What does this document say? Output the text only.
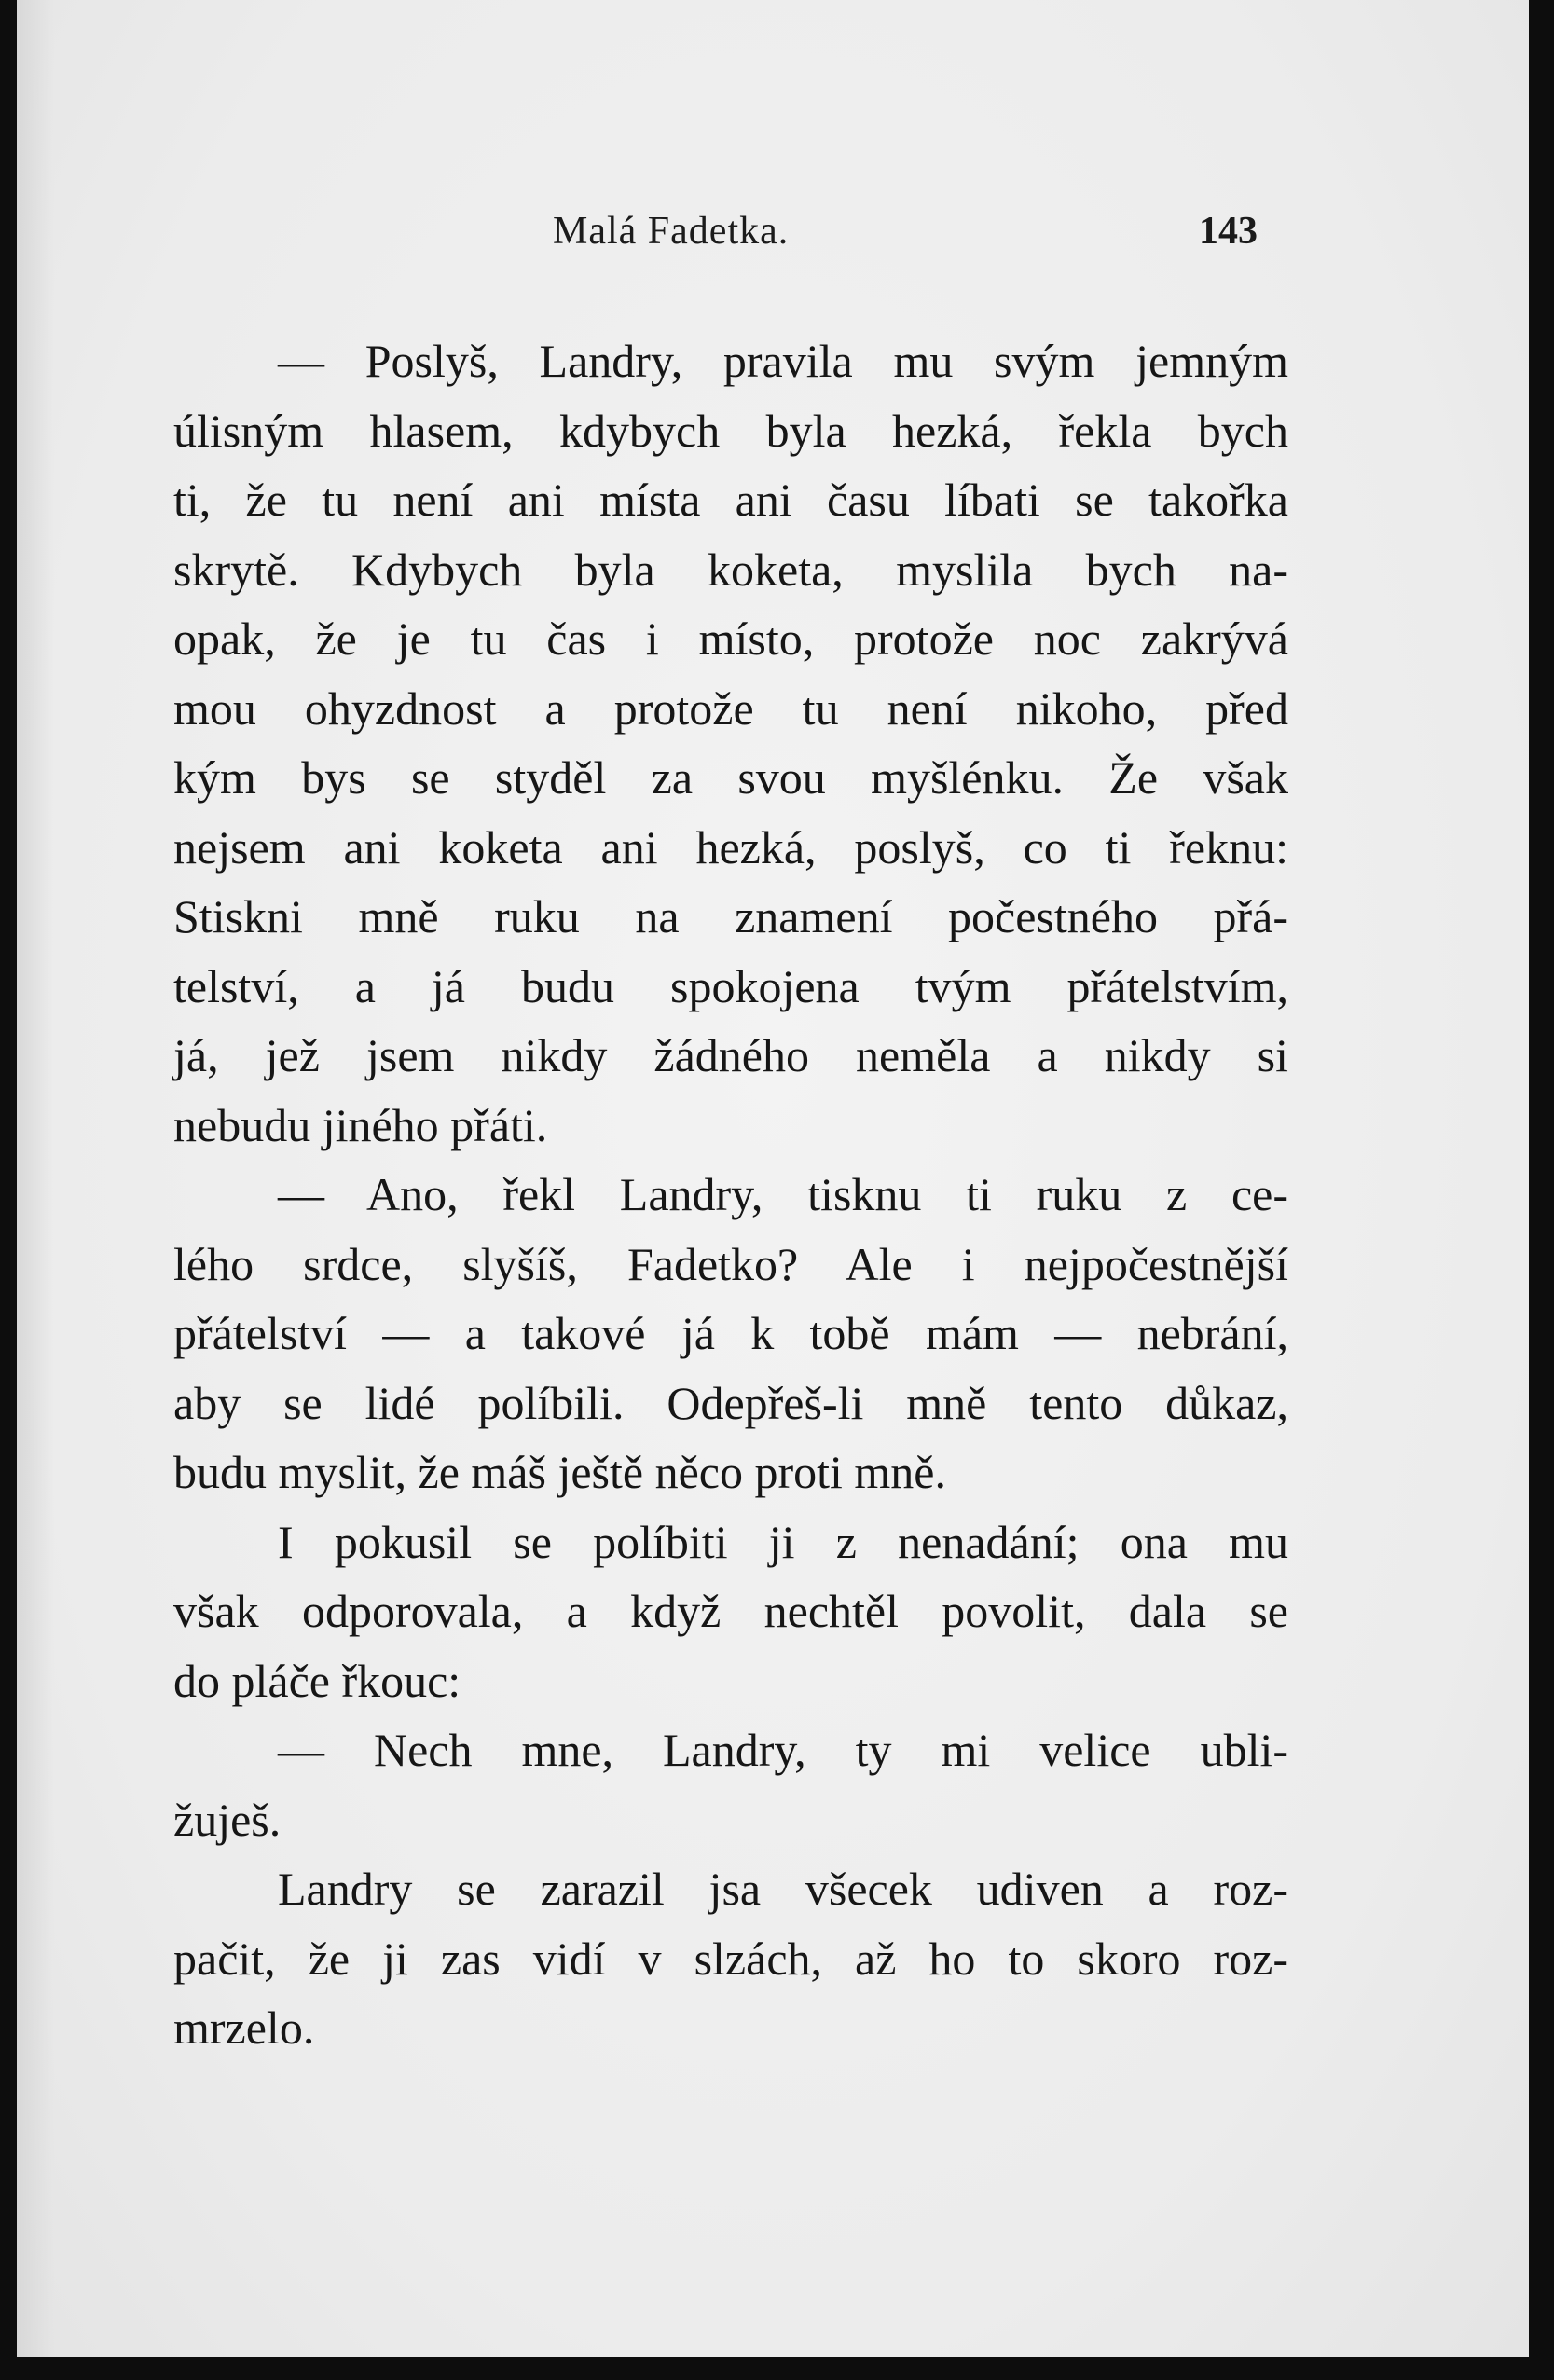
Malá Fadetka.	143
— Poslyš, Landry, pravila mu svým jemným
úlisným hlasem, kdybych byla hezká, řekla bych
ti, že tu není ani místa ani času líbati se takořka
skrytě. Kdybych byla koketa, myslila bych na-
opak, že je tu čas i místo, protože noc zakrývá
mou ohyzdnost a protože tu není nikoho, před
kým bys se styděl za svou myšlénku. Že však
nejsem ani koketa ani hezká, poslyš, co ti řeknu:
Stiskni mně ruku na znamení počestného přá-
telství, a já budu spokojena tvým přátelstvím,
já, jež jsem nikdy žádného neměla a nikdy si
nebudu jiného přáti.
— Ano, řekl Landry, tisknu ti ruku z ce-
lého srdce, slyšíš, Fadetko? Ale i nejpočestnější
přátelství — a takové já k tobě mám — nebrání,
aby se lidé políbili. Odepřeš-li mně tento důkaz,
budu myslit, že máš ještě něco proti mně.
I pokusil se políbiti ji z nenadání; ona mu
však odporovala, a když nechtěl povolit, dala se
do pláče řkouc:
— Nech mne, Landry, ty mi velice ubli-
žuješ.
Landry se zarazil jsa všecek udiven a roz-
pačit, že ji zas vidí v slzách, až ho to skoro roz-
mrzelo.
